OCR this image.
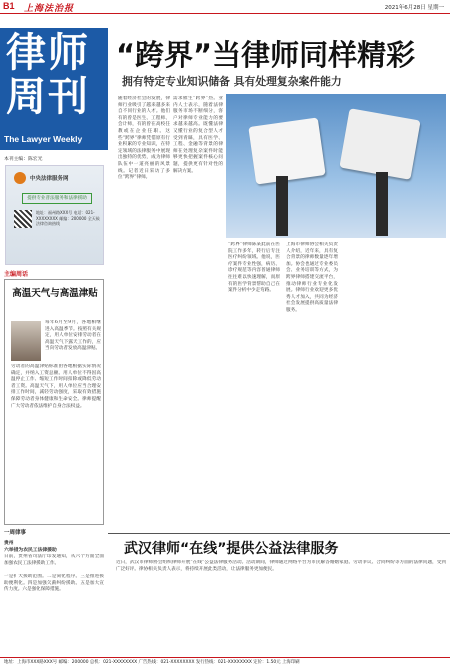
B1 上海法治报	2021年6月28日 星期一
律师
周刊
The Lawyer Weekly
本刊主编：陈宏光
中央法律服务网
提供专业普法服务和法律援助
地址：福州路XXX号 电话：021-XXXXXXXX 邮编：200000 全天候法律咨询热线
主编周话
高温天气与高温津贴
每年6月至9月，各地相继进入高温季节。按照有关规定，用人单位安排劳动者在高温天气下露天工作的，应当向劳动者发放高温津贴。
劳动者的高温津贴标准由各地根据实际情况确定，并纳入工资总额。用人单位不得因高温停止工作、缩短工作时间扣除或降低劳动者工资。高温天气下，用人单位应当合理安排工作时间，减轻劳动强度，采取有效措施保障劳动者身体健康和生命安全。律师提醒广大劳动者依法维护自身合法权益。
一周律事
贵州
六举措为农民工法律援助
日前，贵州省司法厅印发通知，从六个方面全面加强农民工法律援助工作。
一是扩大援助范围。二是简化程序。三是推进援助便利化。四是加强欠薪纠纷援助。五是加大宣传力度。六是强化保障措施。
“跨界”当律师同样精彩
拥有特定专业知识储备 具有处理复杂案件能力
随着经济社会的发展，律师行业吸引了越来越多来自不同行业的人才。他们有的曾是医生、工程师、会计师，有的曾在高校任教或在企业任职。这些“跨界”律师凭借原有行业积累的专业知识，在特定领域的法律服务中展现出独特的优势，成为律师队伍中一道亮丽的风景线。记者近日采访了多位“跨界”律师。
需求催生“跨界”热。业内人士表示，随着法律服务市场不断细分，客户对律师专业能力的要求越来越高。既懂法律又懂行业的复合型人才受到青睐，具有医学、工程、金融等背景的律师在处理复杂案件时能够更快把握案件核心问题，提供更有针对性的解决方案。
“跨界”律师陈某此前在医院工作多年，转行后专注医疗纠纷领域。他说，医疗案件专业性强，病历、诊疗规范等内容普通律师往往难以快速理解，而原有的医学背景帮助自己在案件分析中少走弯路。
上海市律师协会相关负责人介绍，近年来，具有复合背景的律师数量逐年增加。协会也通过专业委员会、业务培训等方式，为跨界律师搭建交流平台，推动律师行业专业化发展。律师行业欢迎更多优秀人才加入，共同为经济社会发展提供高质量法律服务。
武汉律师“在线”提供公益法律服务
近日，武汉市律师协会组织律师开展“在线”公益法律服务活动。活动期间，律师通过网络平台为市民解答婚姻家庭、劳动争议、合同纠纷等方面的法律问题，受到广泛好评。律协相关负责人表示，将持续开展此类活动，让法律服务更加便民。
地址：上海市XXX路XXX号 邮编：200000 总机：021-XXXXXXXX 广告热线：021-XXXXXXXX 发行热线：021-XXXXXXXX 定价：1.50元 上海印刷
